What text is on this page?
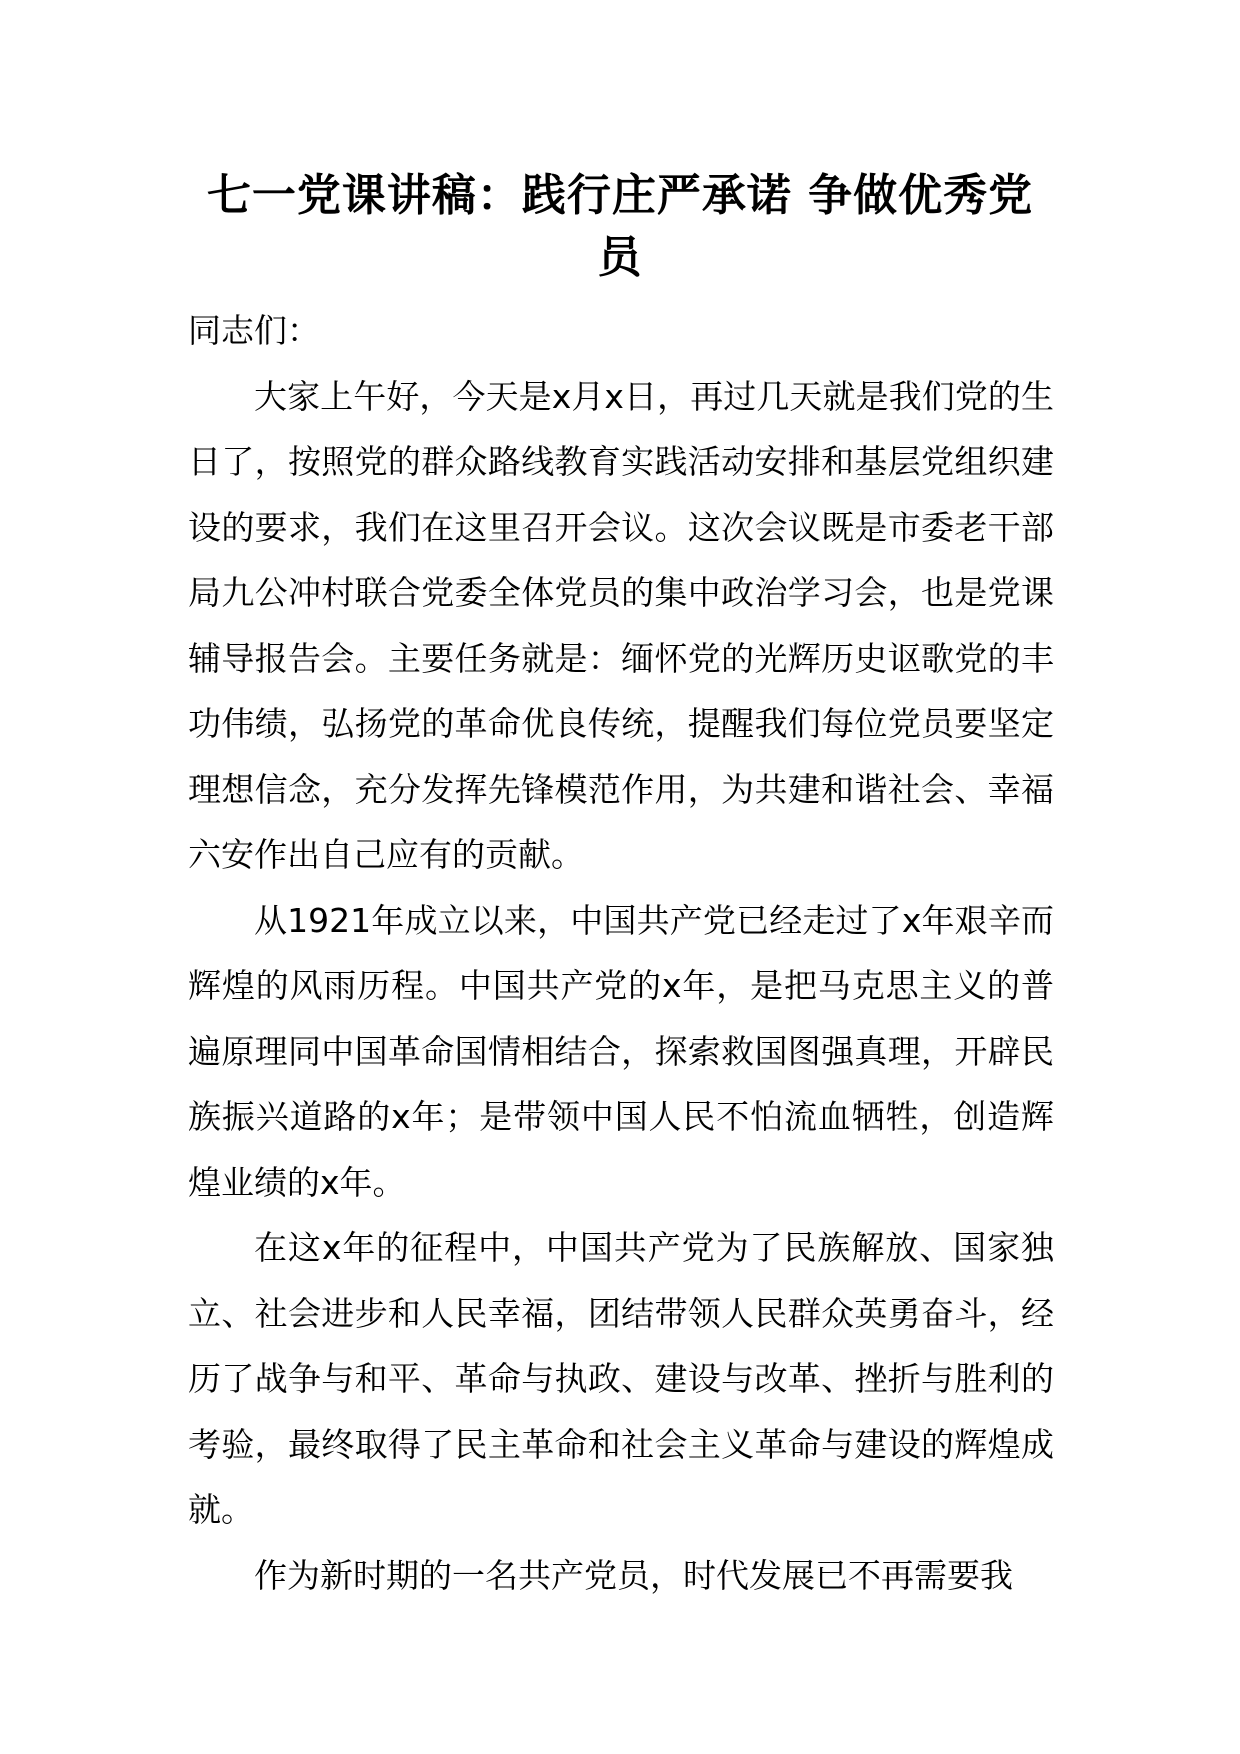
七一党课讲稿：践行庄严承诺 争做优秀党员

同志们：

大家上午好，今天是x月x日，再过几天就是我们党的生日了，按照党的群众路线教育实践活动安排和基层党组织建设的要求，我们在这里召开会议。这次会议既是市委老干部局九公冲村联合党委全体党员的集中政治学习会，也是党课辅导报告会。主要任务就是：缅怀党的光辉历史讴歌党的丰功伟绩，弘扬党的革命优良传统，提醒我们每位党员要坚定理想信念，充分发挥先锋模范作用，为共建和谐社会、幸福六安作出自己应有的贡献。

从1921年成立以来，中国共产党已经走过了x年艰辛而辉煌的风雨历程。中国共产党的x年，是把马克思主义的普遍原理同中国革命国情相结合，探索救国图强真理，开辟民族振兴道路的x年；是带领中国人民不怕流血牺牲，创造辉煌业绩的x年。

在这x年的征程中，中国共产党为了民族解放、国家独立、社会进步和人民幸福，团结带领人民群众英勇奋斗，经历了战争与和平、革命与执政、建设与改革、挫折与胜利的考验，最终取得了民主革命和社会主义革命与建设的辉煌成就。

作为新时期的一名共产党员，时代发展已不再需要我
